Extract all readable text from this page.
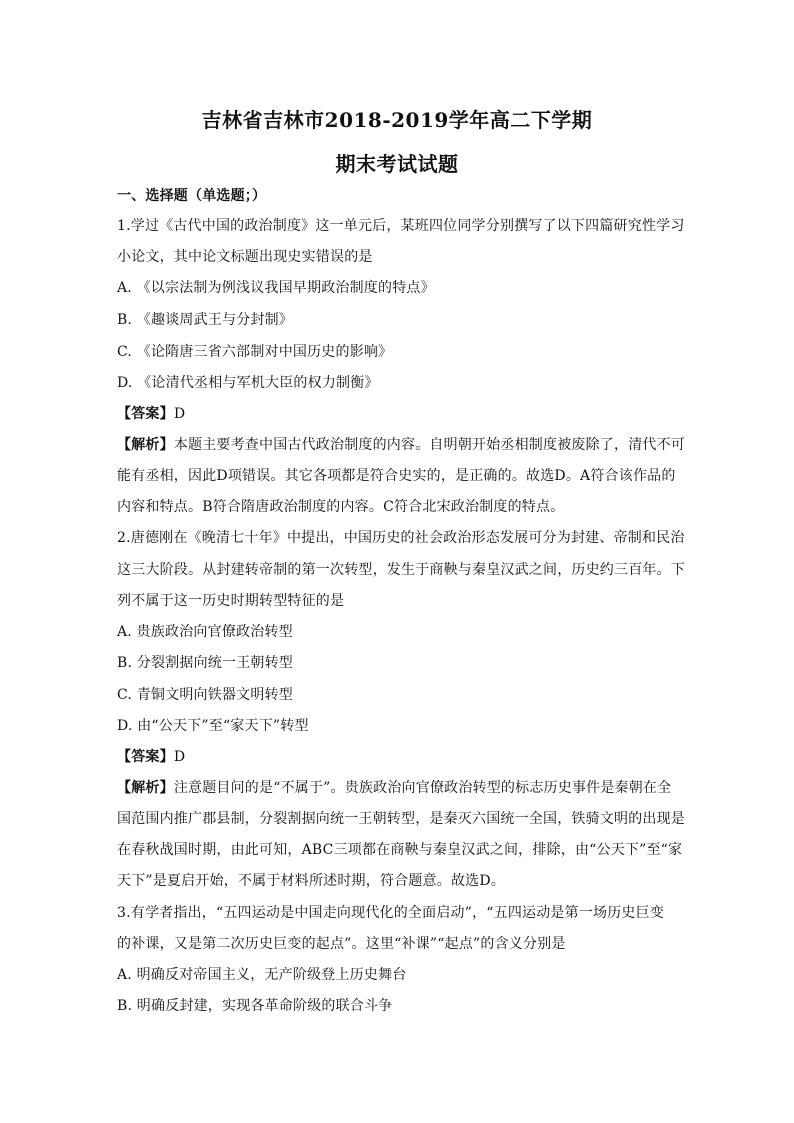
吉林省吉林市2018-2019学年高二下学期
期末考试试题
一、选择题（单选题；）
1.学过《古代中国的政治制度》这一单元后，某班四位同学分别撰写了以下四篇研究性学习
小论文，其中论文标题出现史实错误的是
A. 《以宗法制为例浅议我国早期政治制度的特点》
B. 《趣谈周武王与分封制》
C. 《论隋唐三省六部制对中国历史的影响》
D. 《论清代丞相与军机大臣的权力制衡》
【答案】D
【解析】本题主要考查中国古代政治制度的内容。自明朝开始丞相制度被废除了，清代不可
能有丞相，因此D项错误。其它各项都是符合史实的，是正确的。故选D。A符合该作品的
内容和特点。B符合隋唐政治制度的内容。C符合北宋政治制度的特点。
2.唐德刚在《晚清七十年》中提出，中国历史的社会政治形态发展可分为封建、帝制和民治
这三大阶段。从封建转帝制的第一次转型，发生于商鞅与秦皇汉武之间，历史约三百年。下
列不属于这一历史时期转型特征的是
A. 贵族政治向官僚政治转型
B. 分裂割据向统一王朝转型
C. 青铜文明向铁器文明转型
D. 由“公天下”至“家天下”转型
【答案】D
【解析】注意题目问的是“不属于”。贵族政治向官僚政治转型的标志历史事件是秦朝在全
国范围内推广郡县制，分裂割据向统一王朝转型，是秦灭六国统一全国，铁骑文明的出现是
在春秋战国时期，由此可知，ABC三项都在商鞅与秦皇汉武之间，排除，由“公天下”至“家
天下”是夏启开始，不属于材料所述时期，符合题意。故选D。
3.有学者指出，“五四运动是中国走向现代化的全面启动”，“五四运动是第一场历史巨变
的补课，又是第二次历史巨变的起点”。这里“补课”“起点”的含义分别是
A. 明确反对帝国主义，无产阶级登上历史舞台
B. 明确反封建，实现各革命阶级的联合斗争
